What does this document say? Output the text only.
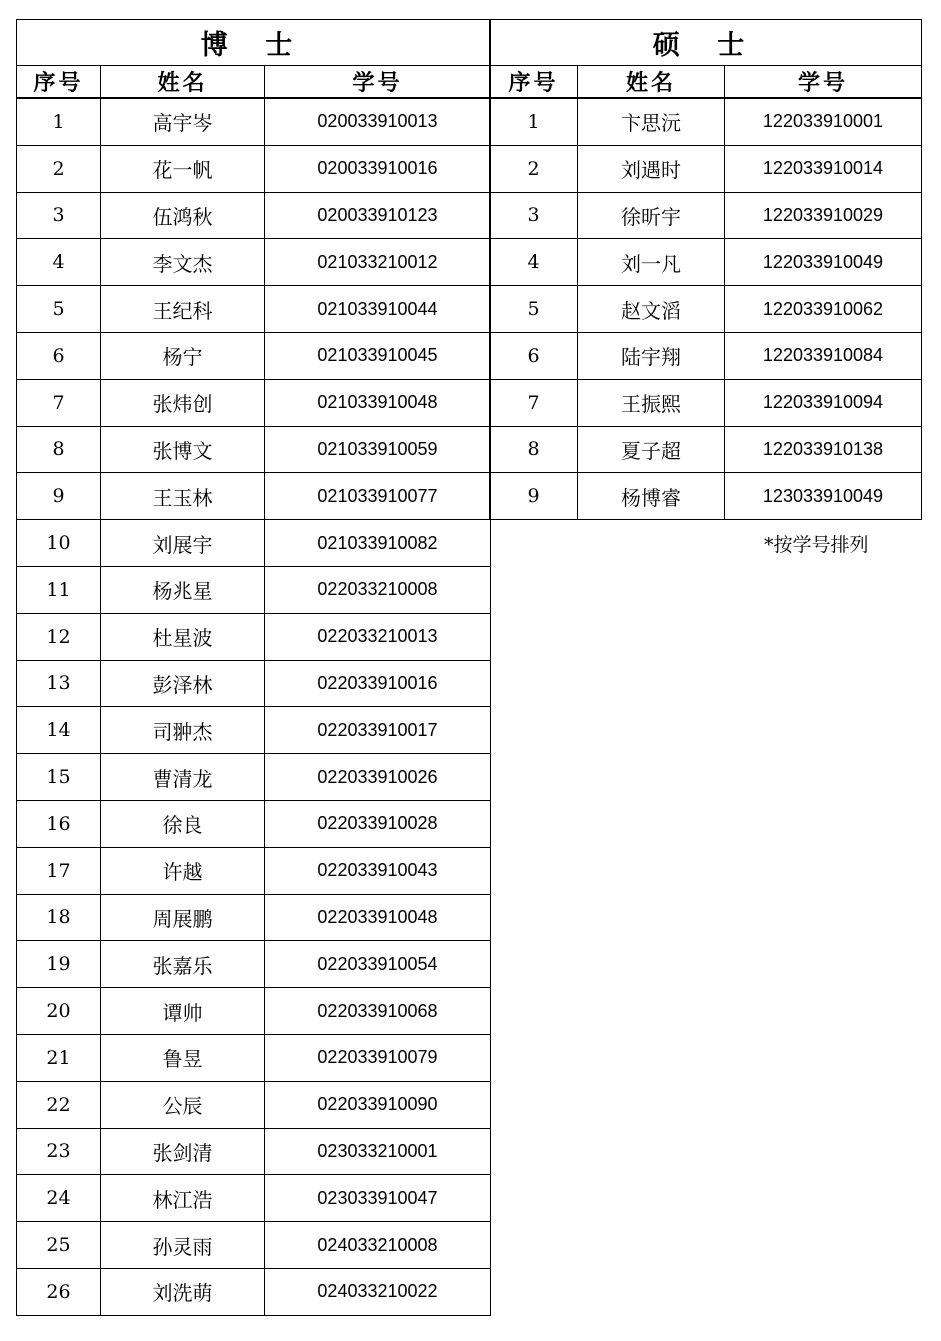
博 士		
序号	姓名	学号
1	高宇岑	020033910013
2	花一帆	020033910016
3	伍鸿秋	020033910123
4	李文杰	021033210012
5	王纪科	021033910044
6	杨宁	021033910045
7	张炜创	021033910048
8	张博文	021033910059
9	王玉林	021033910077
10	刘展宇	021033910082
11	杨兆星	022033210008
12	杜星波	022033210013
13	彭泽林	022033910016
14	司翀杰	022033910017
15	曹清龙	022033910026
16	徐良	022033910028
17	许越	022033910043
18	周展鹏	022033910048
19	张嘉乐	022033910054
20	谭帅	022033910068
21	鲁昱	022033910079
22	公辰	022033910090
23	张剑清	023033210001
24	林江浩	023033910047
25	孙灵雨	024033210008
26	刘洗萌	024033210022
硕 士		
序号	姓名	学号
1	卞思沅	122033910001
2	刘遇时	122033910014
3	徐昕宇	122033910029
4	刘一凡	122033910049
5	赵文滔	122033910062
6	陆宇翔	122033910084
7	王振熙	122033910094
8	夏子超	122033910138
9	杨博睿	123033910049
*按学号排列
